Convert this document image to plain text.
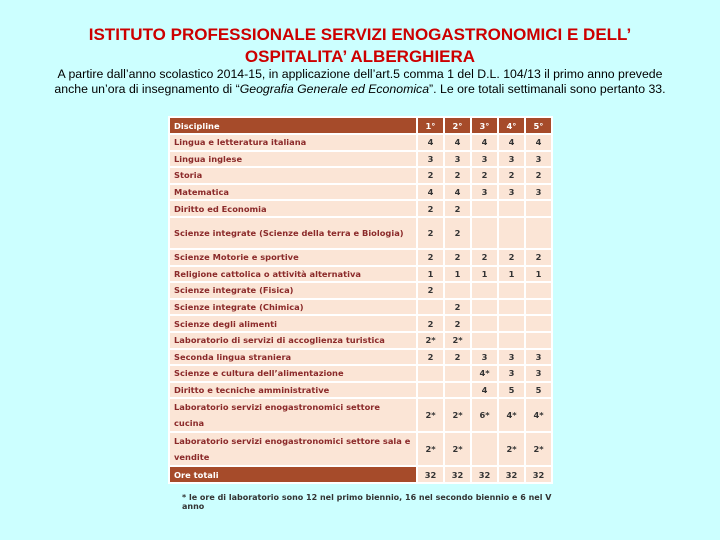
ISTITUTO PROFESSIONALE SERVIZI ENOGASTRONOMICI E DELL’
OSPITALITA’ ALBERGHIERA
A partire dall’anno scolastico 2014-15, in applicazione dell’art.5 comma 1 del D.L. 104/13 il primo anno prevede anche un’ora di insegnamento di “Geografia Generale ed Economica”. Le ore totali settimanali sono pertanto 33.
Discipline	1°	2°	3°	4°	5°
Lingua e letteratura italiana	4	4	4	4	4
Lingua inglese	3	3	3	3	3
Storia	2	2	2	2	2
Matematica	4	4	3	3	3
Diritto ed Economia	2	2			
Scienze integrate (Scienze della terra e Biologia)	2	2			
Scienze Motorie e sportive	2	2	2	2	2
Religione cattolica o attività alternativa	1	1	1	1	1
Scienze integrate (Fisica)	2				
Scienze integrate (Chimica)		2			
Scienze degli alimenti	2	2			
Laboratorio di servizi di accoglienza turistica	2*	2*			
Seconda lingua straniera	2	2	3	3	3
Scienze e cultura dell’alimentazione			4*	3	3
Diritto e tecniche amministrative			4	5	5
Laboratorio servizi enogastronomici settore cucina	2*	2*	6*	4*	4*
Laboratorio servizi enogastronomici settore sala e vendite	2*	2*		2*	2*
Ore totali	32	32	32	32	32
* le ore di laboratorio sono 12 nel primo biennio, 16 nel secondo biennio e 6 nel V anno
